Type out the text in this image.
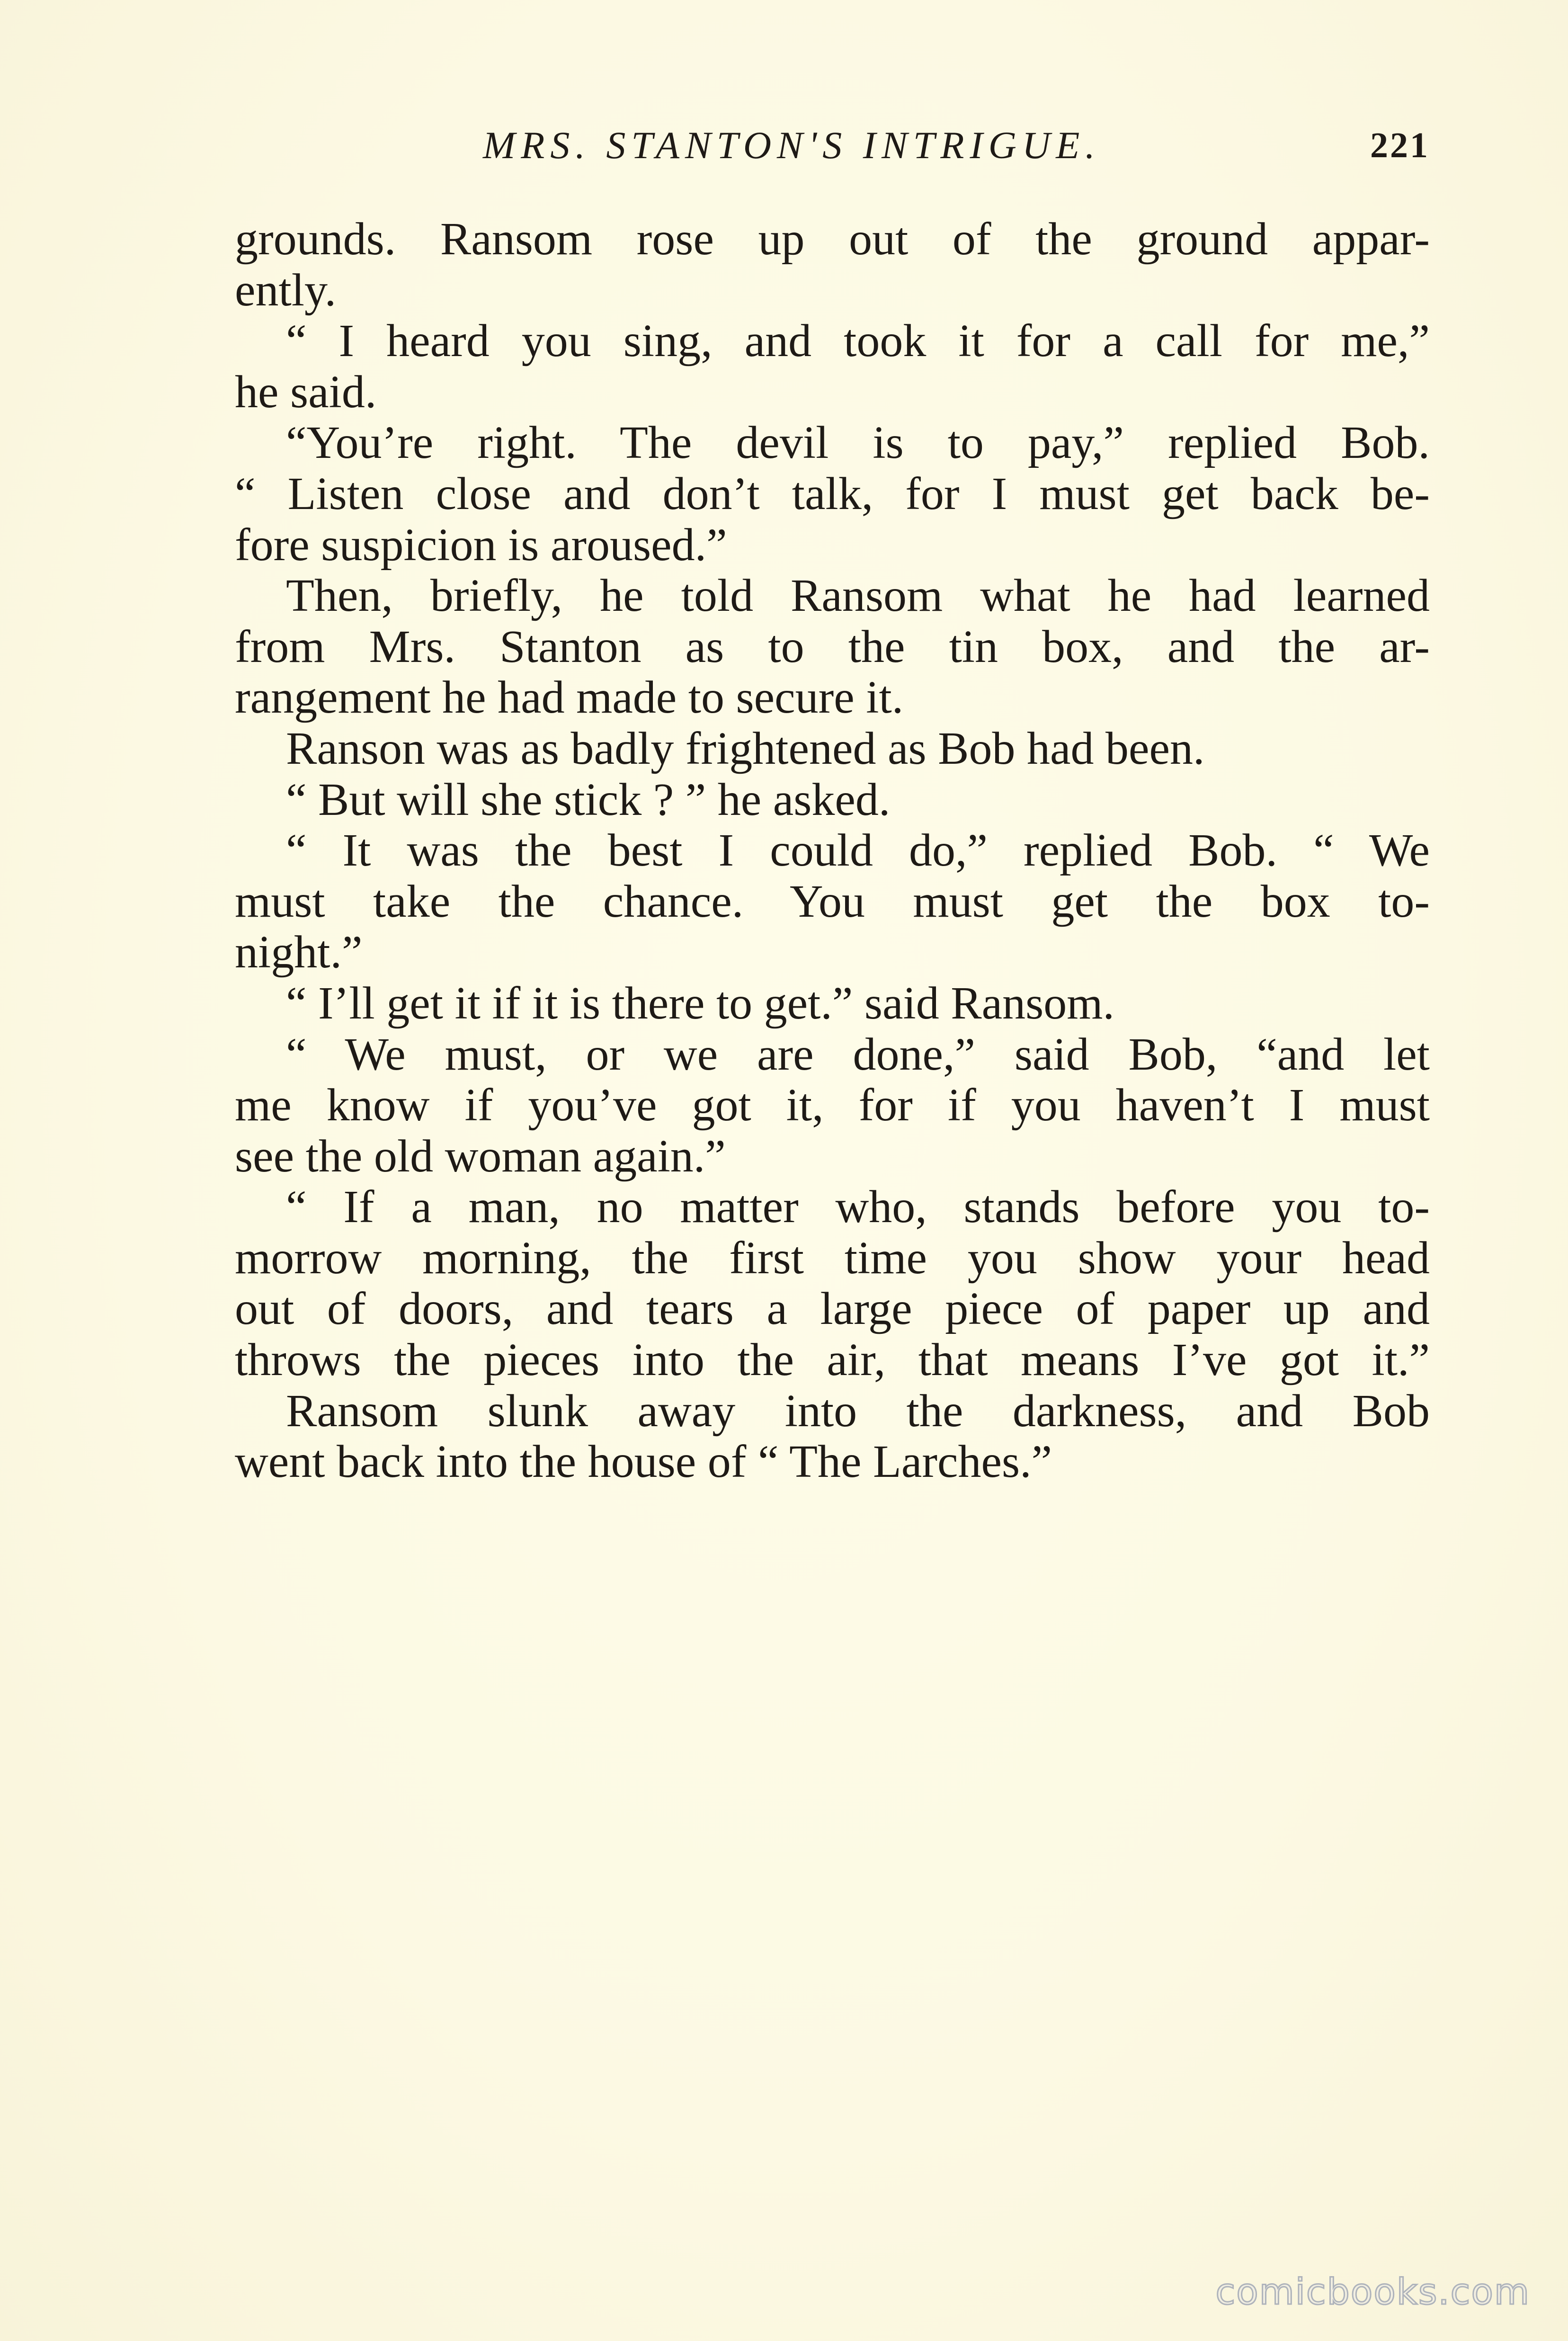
MRS. STANTON'S INTRIGUE.	221
grounds. Ransom rose up out of the ground appar-
ently.
“ I heard you sing, and took it for a call for me,”
he said.
“You’re right. The devil is to pay,” replied Bob.
“ Listen close and don’t talk, for I must get back be-
fore suspicion is aroused.”
Then, briefly, he told Ransom what he had learned
from Mrs. Stanton as to the tin box, and the ar-
rangement he had made to secure it.
Ranson was as badly frightened as Bob had been.
“ But will she stick ? ” he asked.
“ It was the best I could do,” replied Bob. “ We
must take the chance. You must get the box to-
night.”
“ I’ll get it if it is there to get.” said Ransom.
“ We must, or we are done,” said Bob, “and let
me know if you’ve got it, for if you haven’t I must
see the old woman again.”
“ If a man, no matter who, stands before you to-
morrow morning, the first time you show your head
out of doors, and tears a large piece of paper up and
throws the pieces into the air, that means I’ve got it.”
Ransom slunk away into the darkness, and Bob
went back into the house of “ The Larches.”
comicbooks.com
